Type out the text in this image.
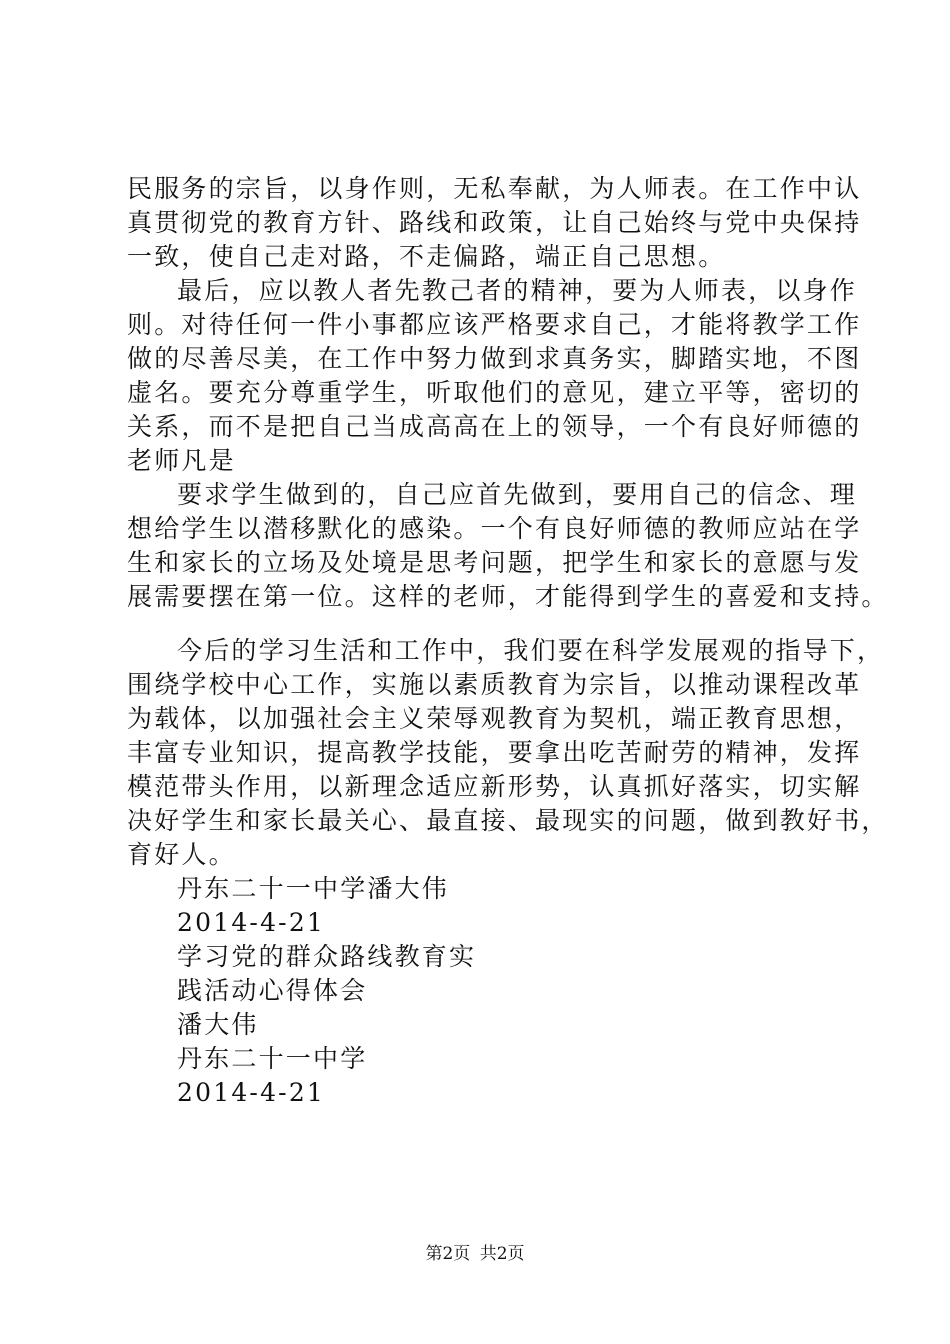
民服务的宗旨，以身作则，无私奉献，为人师表。在工作中认
真贯彻党的教育方针、路线和政策，让自己始终与党中央保持
一致，使自己走对路，不走偏路，端正自己思想。
最后，应以教人者先教己者的精神，要为人师表，以身作
则。对待任何一件小事都应该严格要求自己，才能将教学工作
做的尽善尽美，在工作中努力做到求真务实，脚踏实地，不图
虚名。要充分尊重学生，听取他们的意见，建立平等，密切的
关系，而不是把自己当成高高在上的领导，一个有良好师德的
老师凡是
要求学生做到的，自己应首先做到，要用自己的信念、理
想给学生以潜移默化的感染。一个有良好师德的教师应站在学
生和家长的立场及处境是思考问题，把学生和家长的意愿与发
展需要摆在第一位。这样的老师，才能得到学生的喜爱和支持。
今后的学习生活和工作中，我们要在科学发展观的指导下，
围绕学校中心工作，实施以素质教育为宗旨，以推动课程改革
为载体，以加强社会主义荣辱观教育为契机，端正教育思想，
丰富专业知识，提高教学技能，要拿出吃苦耐劳的精神，发挥
模范带头作用，以新理念适应新形势，认真抓好落实，切实解
决好学生和家长最关心、最直接、最现实的问题，做到教好书，
育好人。
丹东二十一中学潘大伟
2014-4-21
学习党的群众路线教育实
践活动心得体会
潘大伟
丹东二十一中学
2014-4-21
第2页 共2页
